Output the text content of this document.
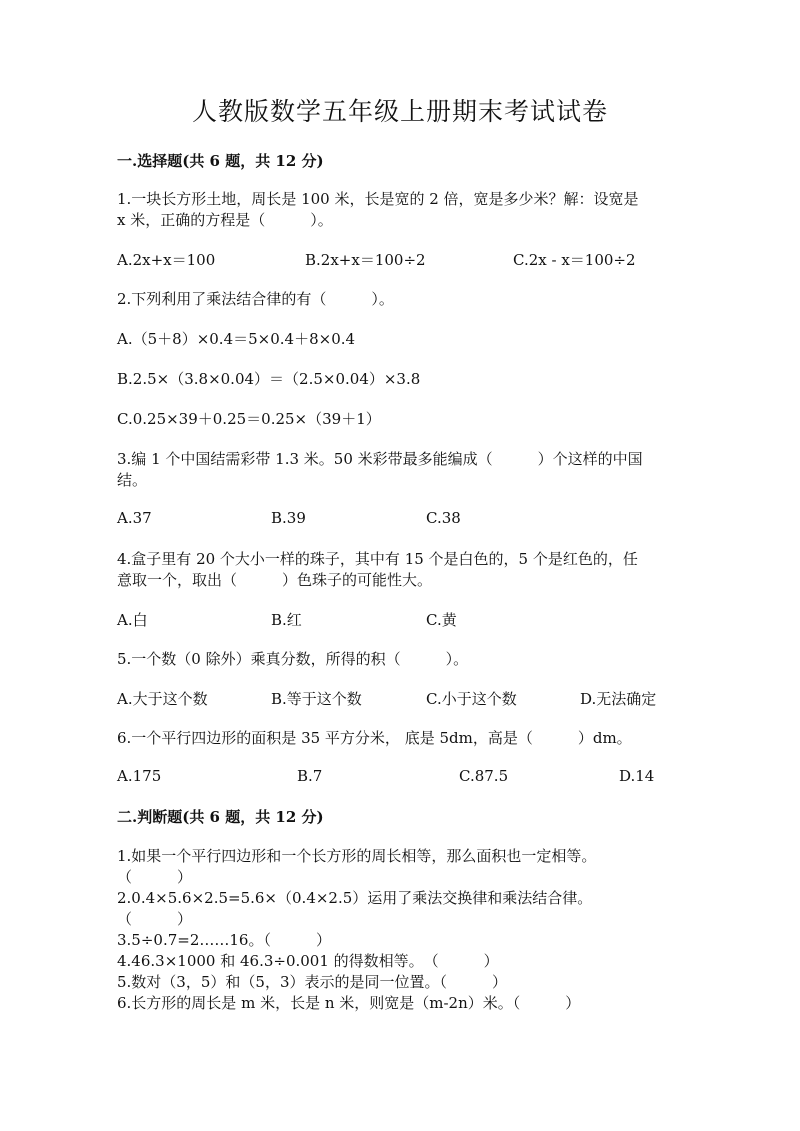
人教版数学五年级上册期末考试试卷
一.选择题(共 6 题，共 12 分)
1.一块长方形土地，周长是 100 米，长是宽的 2 倍，宽是多少米？解：设宽是
x 米，正确的方程是（　　　）。
A.2x+x＝100	B.2x+x＝100÷2	C.2x - x＝100÷2
2.下列利用了乘法结合律的有（　　　）。
A.（5＋8）×0.4＝5×0.4＋8×0.4
B.2.5×（3.8×0.04）＝（2.5×0.04）×3.8
C.0.25×39＋0.25＝0.25×（39＋1）
3.编 1 个中国结需彩带 1.3 米。50 米彩带最多能编成（　　　）个这样的中国
结。
A.37	B.39	C.38
4.盒子里有 20 个大小一样的珠子，其中有 15 个是白色的，5 个是红色的，任
意取一个，取出（　　　）色珠子的可能性大。
A.白	B.红	C.黄
5.一个数（0 除外）乘真分数，所得的积（　　　）。
A.大于这个数	B.等于这个数	C.小于这个数	D.无法确定
6.一个平行四边形的面积是 35 平方分米， 底是 5dm，高是（　　　）dm。
A.175	B.7	C.87.5	D.14
二.判断题(共 6 题，共 12 分)
1.如果一个平行四边形和一个长方形的周长相等，那么面积也一定相等。
（　　　）
2.0.4×5.6×2.5=5.6×（0.4×2.5）运用了乘法交换律和乘法结合律。
（　　　）
3.5÷0.7=2……16。（　　　）
4.46.3×1000 和 46.3÷0.001 的得数相等。　（　　　）
5.数对（3，5）和（5，3）表示的是同一位置。（　　　）
6.长方形的周长是 m 米，长是 n 米，则宽是（m-2n）米。（　　　）
